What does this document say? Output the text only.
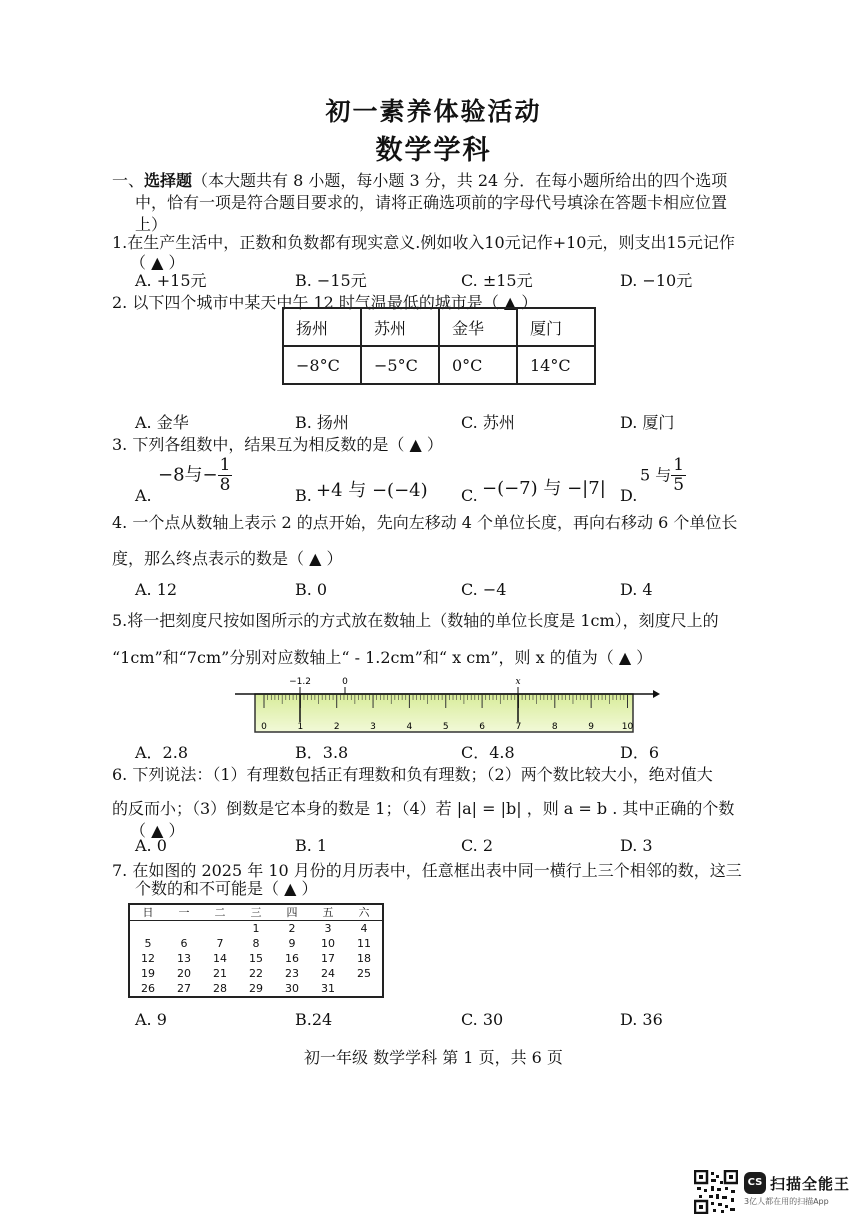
初一素养体验活动
数学学科
一、选择题（本大题共有 8 小题，每小题 3 分，共 24 分．在每小题所给出的四个选项
中，恰有一项是符合题目要求的，请将正确选项前的字母代号填涂在答题卡相应位置
上）
1.在生产生活中，正数和负数都有现实意义.例如收入10元记作+10元，则支出15元记作
（ ▲ ）
A. +15元	B. −15元	C. ±15元	D. −10元
2. 以下四个城市中某天中午 12 时气温最低的城市是（ ▲ ）
扬州	苏州	金华	厦门
−8°C	−5°C	0°C	14°C
A. 金华	B. 扬州	C. 苏州	D. 厦门
3. 下列各组数中，结果互为相反数的是（ ▲ ）
A.
−8与− $\frac{1}{8}$
B. +4 与 −(−4) C. −(−7) 与 −|7| D.
5 与 $\frac{1}{5}$
4. 一个点从数轴上表示 2 的点开始，先向左移动 4 个单位长度，再向右移动 6 个单位长
度，那么终点表示的数是（ ▲ ）
A. 12	B. 0	C. −4	D. 4
5.将一把刻度尺按如图所示的方式放在数轴上（数轴的单位长度是 1cm），刻度尺上的
“1cm”和“7cm”分别对应数轴上“ - 1.2cm”和“ x cm”，则 x 的值为（ ▲ ）
0	1	2	3	4	5	6	7	8	9	10
−1.2	0	x
A．2.8	B．3.8	C．4.8	D．6
6. 下列说法：（1）有理数包括正有理数和负有理数；（2）两个数比较大小，绝对值大
的反而小；（3）倒数是它本身的数是 1；（4）若 |a| = |b| ，则 a = b . 其中正确的个数
（ ▲ ）
A. 0	B. 1	C. 2	D. 3
7. 在如图的 2025 年 10 月份的月历表中，任意框出表中同一横行上三个相邻的数，这三
个数的和不可能是（ ▲ ）
日	一	二	三	四	五	六
			1	2	3	4
5	6	7	8	9	10	11
12	13	14	15	16	17	18
19	20	21	22	23	24	25
26	27	28	29	30	31	
A. 9	B.24	C. 30	D. 36
初一年级 数学学科 第 1 页，共 6 页
CS 扫描全能王
3亿人都在用的扫描App
